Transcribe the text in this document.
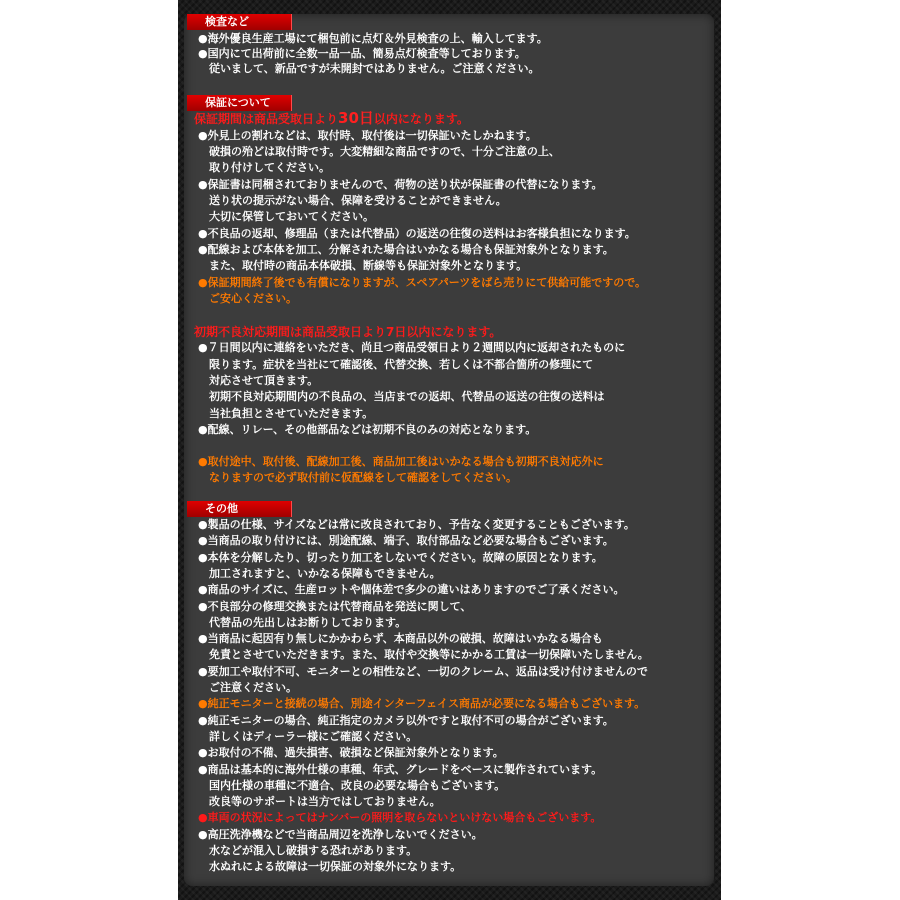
検査など
●海外優良生産工場にて梱包前に点灯＆外見検査の上、輸入してます。
●国内にて出荷前に全数一品一品、簡易点灯検査等しております。
　従いまして、新品ですが未開封ではありません。ご注意ください。
保証について
保証期間は商品受取日より30日以内になります。
●外見上の割れなどは、取付時、取付後は一切保証いたしかねます。
　破損の殆どは取付時です。大変精細な商品ですので、十分ご注意の上、
　取り付けしてください。
●保証書は同梱されておりませんので、荷物の送り状が保証書の代替になります。
　送り状の提示がない場合、保障を受けることができません。
　大切に保管しておいてください。
●不良品の返却、修理品（または代替品）の返送の往復の送料はお客様負担になります。
●配線および本体を加工、分解された場合はいかなる場合も保証対象外となります。
　また、取付時の商品本体破損、断線等も保証対象外となります。
●保証期間終了後でも有償になりますが、スペアパーツをばら売りにて供給可能ですので。
　ご安心ください。
初期不良対応期間は商品受取日より7日以内になります。
●７日間以内に連絡をいただき、尚且つ商品受領日より２週間以内に返却されたものに
　限ります。症状を当社にて確認後、代替交換、若しくは不都合箇所の修理にて
　対応させて頂きます。
　初期不良対応期間内の不良品の、当店までの返却、代替品の返送の往復の送料は
　当社負担とさせていただきます。
●配線、リレー、その他部品などは初期不良のみの対応となります。
●取付途中、取付後、配線加工後、商品加工後はいかなる場合も初期不良対応外に
　なりますので必ず取付前に仮配線をして確認をしてください。
その他
●製品の仕様、サイズなどは常に改良されており、予告なく変更することもございます。
●当商品の取り付けには、別途配線、端子、取付部品など必要な場合もございます。
●本体を分解したり、切ったり加工をしないでください。故障の原因となります。
　加工されますと、いかなる保障もできません。
●商品のサイズに、生産ロットや個体差で多少の違いはありますのでご了承ください。
●不良部分の修理交換または代替商品を発送に関して、
　代替品の先出しはお断りしております。
●当商品に起因有り無しにかかわらず、本商品以外の破損、故障はいかなる場合も
　免責とさせていただきます。また、取付や交換等にかかる工賃は一切保障いたしません。
●要加工や取付不可、モニターとの相性など、一切のクレーム、返品は受け付けませんので
　ご注意ください。
●純正モニターと接続の場合、別途インターフェイス商品が必要になる場合もございます。
●純正モニターの場合、純正指定のカメラ以外ですと取付不可の場合がございます。
　詳しくはディーラー様にご確認ください。
●お取付の不備、過失損害、破損など保証対象外となります。
●商品は基本的に海外仕様の車種、年式、グレードをベースに製作されています。
　国内仕様の車種に不適合、改良の必要な場合もございます。
　改良等のサポートは当方ではしておりません。
●車両の状況によってはナンバーの照明を取らないといけない場合もございます。
●高圧洗浄機などで当商品周辺を洗浄しないでください。
　水などが混入し破損する恐れがあります。
　水ぬれによる故障は一切保証の対象外になります。
